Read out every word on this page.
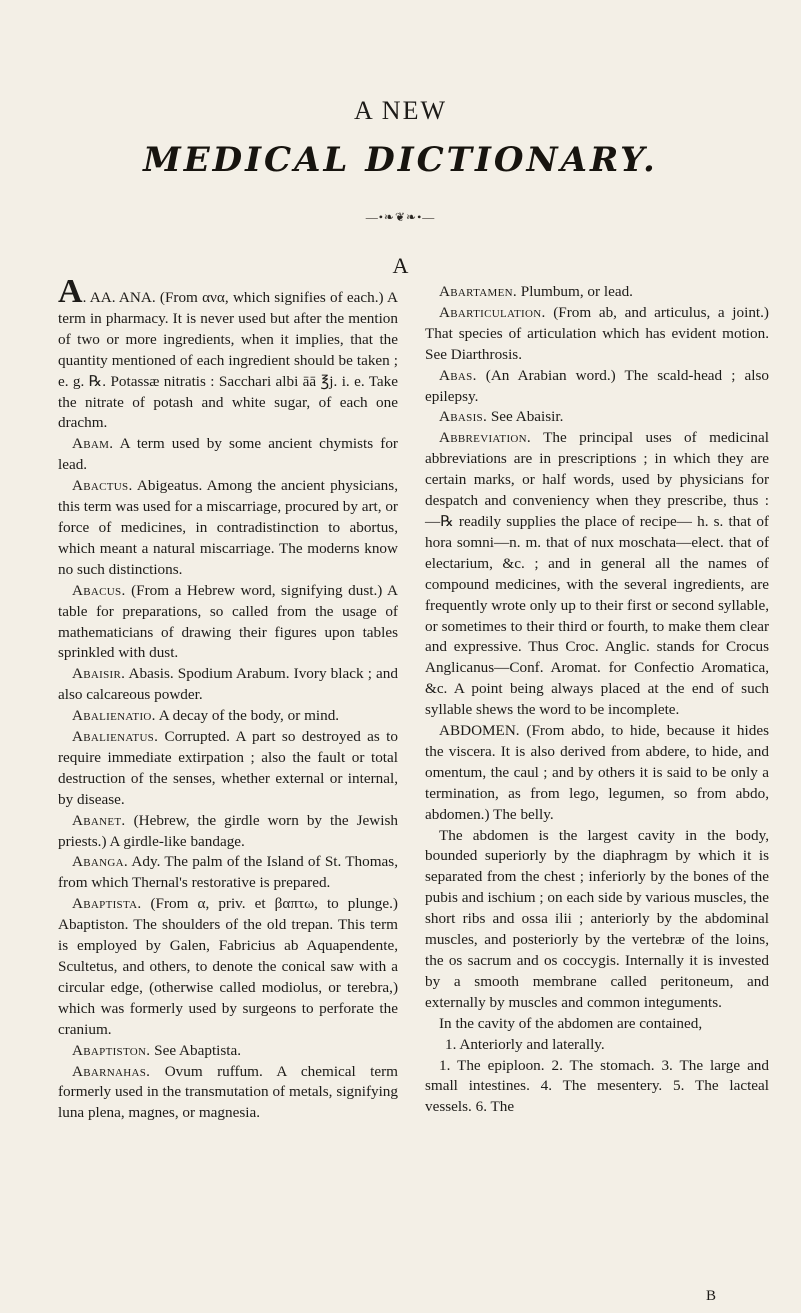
A NEW
MEDICAL DICTIONARY.
—•❧❦❧•—
A

A. AA. ANA. (From ανα, which signifies of each.) A term in pharmacy. It is never used but after the mention of two or more ingredients, when it implies, that the quantity mentioned of each ingredient should be taken ; e. g. ℞. Potassæ nitratis : Sacchari albi āā ℥j. i. e. Take the nitrate of potash and white sugar, of each one drachm.

Abam. A term used by some ancient chymists for lead.

Abactus. Abigeatus. Among the ancient physicians, this term was used for a miscarriage, procured by art, or force of medicines, in contradistinction to abortus, which meant a natural miscarriage. The moderns know no such distinctions.

Abacus. (From a Hebrew word, signifying dust.) A table for preparations, so called from the usage of mathematicians of drawing their figures upon tables sprinkled with dust.

Abaisir. Abasis. Spodium Arabum. Ivory black ; and also calcareous powder.

Abalienatio. A decay of the body, or mind.

Abalienatus. Corrupted. A part so destroyed as to require immediate extirpation ; also the fault or total destruction of the senses, whether external or internal, by disease.

Abanet. (Hebrew, the girdle worn by the Jewish priests.) A girdle-like bandage.

Abanga. Ady. The palm of the Island of St. Thomas, from which Thernal's restorative is prepared.

Abaptista. (From α, priv. et βαπτω, to plunge.) Abaptiston. The shoulders of the old trepan. This term is employed by Galen, Fabricius ab Aquapendente, Scultetus, and others, to denote the conical saw with a circular edge, (otherwise called modiolus, or terebra,) which was formerly used by surgeons to perforate the cranium.

Abaptiston. See Abaptista.

Abarnahas. Ovum ruffum. A chemical term formerly used in the transmutation of metals, signifying luna plena, magnes, or magnesia.

Abartamen. Plumbum, or lead.

Abarticulation. (From ab, and articulus, a joint.) That species of articulation which has evident motion. See Diarthrosis.

Abas. (An Arabian word.) The scald-head ; also epilepsy.

Abasis. See Abaisir.

Abbreviation. The principal uses of medicinal abbreviations are in prescriptions ; in which they are certain marks, or half words, used by physicians for despatch and conveniency when they prescribe, thus : —℞ readily supplies the place of recipe— h. s. that of hora somni—n. m. that of nux moschata—elect. that of electarium, &c. ; and in general all the names of compound medicines, with the several ingredients, are frequently wrote only up to their first or second syllable, or sometimes to their third or fourth, to make them clear and expressive. Thus Croc. Anglic. stands for Crocus Anglicanus—Conf. Aromat. for Confectio Aromatica, &c. A point being always placed at the end of such syllable shews the word to be incomplete.

ABDOMEN. (From abdo, to hide, because it hides the viscera. It is also derived from abdere, to hide, and omentum, the caul ; and by others it is said to be only a termination, as from lego, legumen, so from abdo, abdomen.) The belly.

The abdomen is the largest cavity in the body, bounded superiorly by the diaphragm by which it is separated from the chest ; inferiorly by the bones of the pubis and ischium ; on each side by various muscles, the short ribs and ossa ilii ; anteriorly by the abdominal muscles, and posteriorly by the vertebræ of the loins, the os sacrum and os coccygis. Internally it is invested by a smooth membrane called peritoneum, and externally by muscles and common integuments.

In the cavity of the abdomen are contained,

1. Anteriorly and laterally.

1. The epiploon. 2. The stomach. 3. The large and small intestines. 4. The mesentery. 5. The lacteal vessels. 6. The

B
